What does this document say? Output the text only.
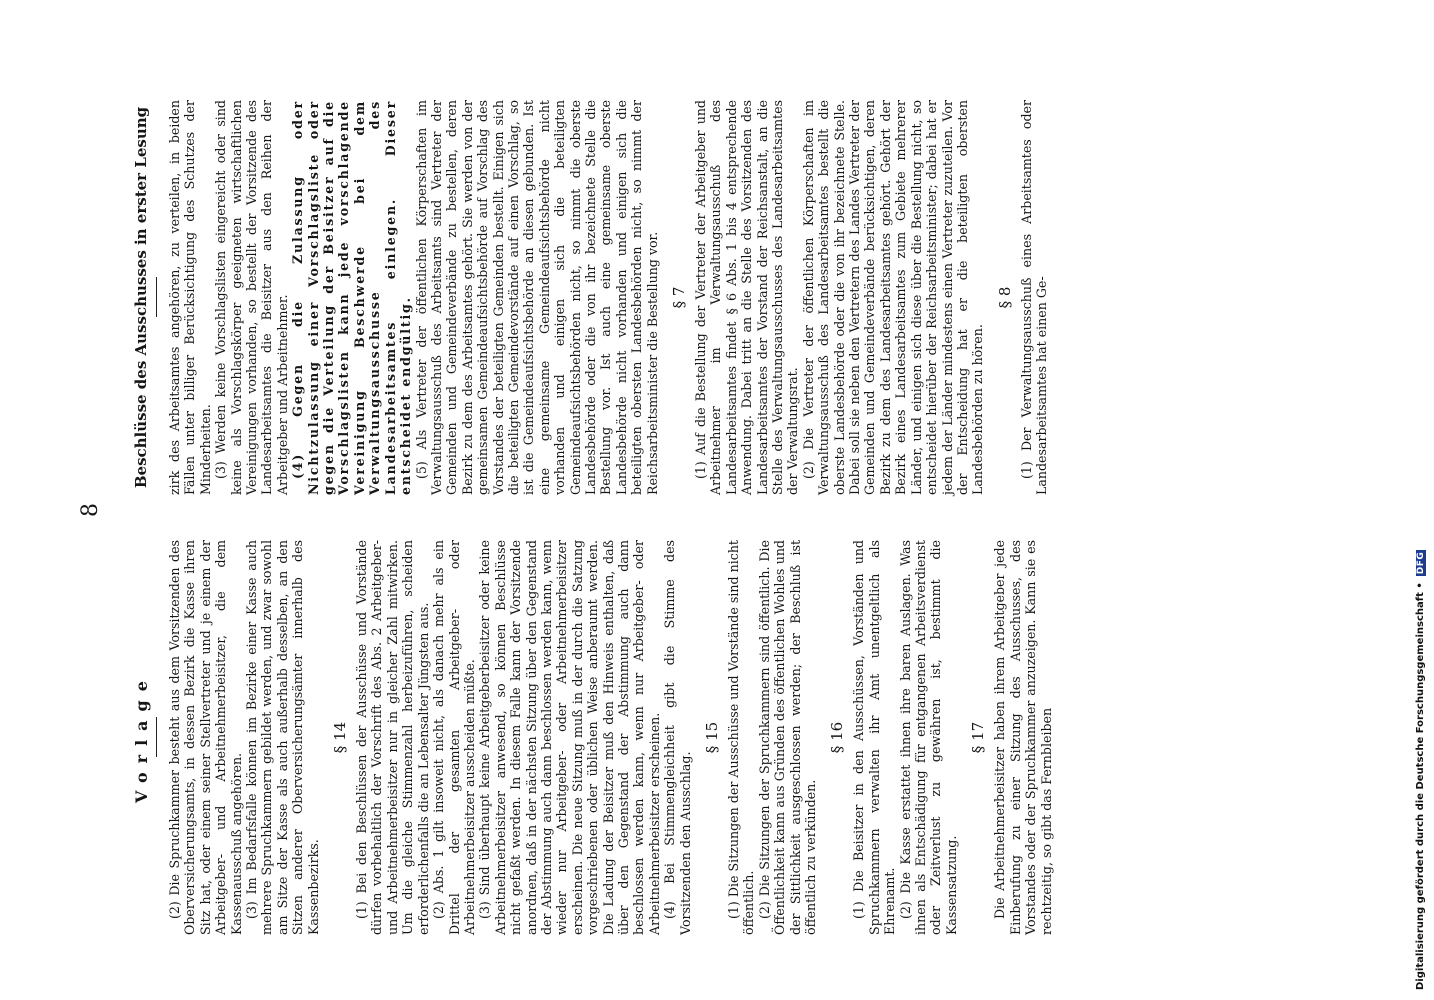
8
Vorlage (2) Die Spruchkammer besteht aus dem Vorsitzenden des Oberversicherungsamts, in dessen Bezirk die Kasse ihren Sitz hat, oder einem seiner Stellvertreter und je einem der Arbeitgeber- und Arbeitnehmerbeisitzer, die dem Kassenausschuß angehören. (3) Im Bedarfsfalle können im Bezirke einer Kasse auch mehrere Spruchkammern gebildet werden, und zwar sowohl am Sitze der Kasse als auch außerhalb desselben, an den Sitzen anderer Oberversicherungsämter innerhalb des Kassenbezirks.

§ 14 (1) Bei den Beschlüssen der Ausschüsse und Vorstände dürfen vorbehaltlich der Vorschrift des Abs. 2 Arbeitgeber- und Arbeitnehmerbeisitzer nur in gleicher Zahl mitwirken. Um die gleiche Stimmenzahl herbeizuführen, scheiden erforderlichenfalls die an Lebensalter Jüngsten aus. (2) Abs. 1 gilt insoweit nicht, als danach mehr als ein Drittel der gesamten Arbeitgeber- oder Arbeitnehmerbeisitzer ausscheiden müßte. (3) Sind überhaupt keine Arbeitgeberbeisitzer oder keine Arbeitnehmerbeisitzer anwesend, so können Beschlüsse nicht gefaßt werden. In diesem Falle kann der Vorsitzende anordnen, daß in der nächsten Sitzung über den Gegenstand der Abstimmung auch dann beschlossen werden kann, wenn wieder nur Arbeitgeber- oder Arbeitnehmerbeisitzer erscheinen. Die neue Sitzung muß in der durch die Satzung vorgeschriebenen oder üblichen Weise anberaumt werden. Die Ladung der Beisitzer muß den Hinweis enthalten, daß über den Gegenstand der Abstimmung auch dann beschlossen werden kann, wenn nur Arbeitgeber- oder Arbeitnehmerbeisitzer erscheinen. (4) Bei Stimmengleichheit gibt die Stimme des Vorsitzenden den Ausschlag.

§ 15 (1) Die Sitzungen der Ausschüsse und Vorstände sind nicht öffentlich. (2) Die Sitzungen der Spruchkammern sind öffentlich. Die Öffentlichkeit kann aus Gründen des öffentlichen Wohles und der Sittlichkeit ausgeschlossen werden; der Beschluß ist öffentlich zu verkünden.

§ 16 (1) Die Beisitzer in den Ausschüssen, Vorständen und Spruchkammern verwalten ihr Amt unentgeltlich als Ehrenamt. (2) Die Kasse erstattet ihnen ihre baren Auslagen. Was ihnen als Entschädigung für entgangenen Arbeitsverdienst oder Zeitverlust zu gewähren ist, bestimmt die Kassensatzung.

§ 17 Die Arbeitnehmerbeisitzer haben ihrem Arbeitgeber jede Einberufung zu einer Sitzung des Ausschusses, des Vorstandes oder der Spruchkammer anzuzeigen. Kann sie es rechtzeitig, so gibt das Fernbleiben

Beschlüsse des Ausschusses in erster Lesung zirk des Arbeitsamtes angehören, zu verteilen, in beiden Fällen unter billiger Berücksichtigung des Schutzes der Minderheiten. (3) Werden keine Vorschlagslisten eingereicht oder sind keine als Vorschlagskörper geeigneten wirtschaftlichen Vereinigungen vorhanden, so bestellt der Vorsitzende des Landesarbeitsamtes die Beisitzer aus den Reihen der Arbeitgeber und Arbeitnehmer. (4) Gegen die Zulassung oder Nichtzulassung einer Vorschlagsliste oder gegen die Verteilung der Beisitzer auf die Vorschlagslisten kann jede vorschlagende Vereinigung Beschwerde bei dem Verwaltungsausschusse des Landesarbeitsamtes einlegen. Dieser entscheidet endgültig. (5) Als Vertreter der öffentlichen Körperschaften im Verwaltungsausschuß des Arbeitsamts sind Vertreter der Gemeinden und Gemeindeverbände zu bestellen, deren Bezirk zu dem des Arbeitsamtes gehört. Sie werden von der gemeinsamen Gemeindeaufsichtsbehörde auf Vorschlag des Vorstandes der beteiligten Gemeinden bestellt. Einigen sich die beteiligten Gemeindevorstände auf einen Vorschlag, so ist die Gemeindeaufsichtsbehörde an diesen gebunden. Ist eine gemeinsame Gemeindeaufsichtsbehörde nicht vorhanden und einigen sich die beteiligten Gemeindeaufsichtsbehörden nicht, so nimmt die oberste Landesbehörde oder die von ihr bezeichnete Stelle die Bestellung vor. Ist auch eine gemeinsame oberste Landesbehörde nicht vorhanden und einigen sich die beteiligten obersten Landesbehörden nicht, so nimmt der Reichsarbeitsminister die Bestellung vor. § 7 (1) Auf die Bestellung der Vertreter der Arbeitgeber und Arbeitnehmer im Verwaltungsausschuß des Landesarbeitsamtes findet § 6 Abs. 1 bis 4 entsprechende Anwendung. Dabei tritt an die Stelle des Vorsitzenden des Landesarbeitsamtes der Vorstand der Reichsanstalt, an die Stelle des Verwaltungsausschusses des Landesarbeitsamtes der Verwaltungsrat. (2) Die Vertreter der öffentlichen Körperschaften im Verwaltungsausschuß des Landesarbeitsamtes bestellt die oberste Landesbehörde oder die von ihr bezeichnete Stelle. Dabei soll sie neben den Vertretern des Landes Vertreter der Gemeinden und Gemeindeverbände berücksichtigen, deren Bezirk zu dem des Landesarbeitsamtes gehört. Gehört der Bezirk eines Landesarbeitsamtes zum Gebiete mehrerer Länder, und einigen sich diese über die Bestellung nicht, so entscheidet hierüber der Reichsarbeitsminister; dabei hat er jedem der Länder mindestens einen Vertreter zuzuteilen. Vor der Entscheidung hat er die beteiligten obersten Landesbehörden zu hören.

§ 8 (1) Der Verwaltungsausschuß eines Arbeitsamtes oder Landesarbeitsamtes hat einen Ge-

Digitalisierung gefördert durch die Deutsche Forschungsgemeinschaft •DFG
